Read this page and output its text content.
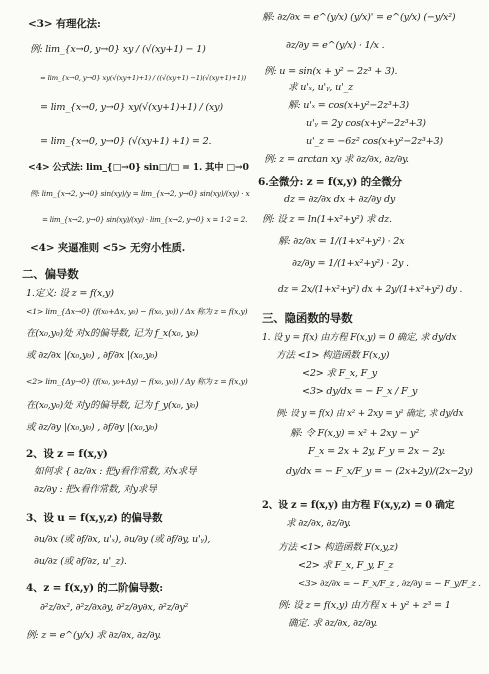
<3> 有理化法:
例: lim_{x→0, y→0} xy / (√(xy+1) − 1)
= lim_{x→0, y→0} xy(√(xy+1)+1) / ((√(xy+1) −1)(√(xy+1)+1))
= lim_{x→0, y→0} xy(√(xy+1)+1) / (xy)
= lim_{x→0, y→0} (√(xy+1) +1) = 2.
<4> 公式法: lim_{□→0} sin□/□ = 1. 其中 □→0
例: lim_{x→2, y→0} sin(xy)/y = lim_{x→2, y→0} sin(xy)/(xy) · x
= lim_{x→2, y→0} sin(xy)/(xy) · lim_{x→2, y→0} x = 1·2 = 2.
<4> 夹逼准则 <5> 无穷小性质.
二、偏导数
1.定义: 设 z = f(x,y)
<1> lim_{Δx→0} (f(x₀+Δx, y₀) − f(x₀, y₀)) / Δx 称为 z = f(x,y)
在(x₀,y₀)处 对x的偏导数, 记为 f_x(x₀, y₀)
或 ∂z/∂x |(x₀,y₀) , ∂f/∂x |(x₀,y₀)
<2> lim_{Δy→0} (f(x₀, y₀+Δy) − f(x₀, y₀)) / Δy 称为 z = f(x,y)
在(x₀,y₀)处 对y的偏导数, 记为 f_y(x₀, y₀)
或 ∂z/∂y |(x₀,y₀) , ∂f/∂y |(x₀,y₀)
2、设 z = f(x,y)
如何求 { ∂z/∂x : 把y看作常数, 对x求导
∂z/∂y : 把x看作常数, 对y求导
3、设 u = f(x,y,z) 的偏导数
∂u/∂x (或 ∂f/∂x, u'ₓ), ∂u/∂y (或 ∂f/∂y, u'ᵧ),
∂u/∂z (或 ∂f/∂z, u'_z).
4、z = f(x,y) 的二阶偏导数:
∂²z/∂x², ∂²z/∂x∂y, ∂²z/∂y∂x, ∂²z/∂y²
例: z = e^(y/x) 求 ∂z/∂x, ∂z/∂y.
解: ∂z/∂x = e^(y/x) (y/x)' = e^(y/x) (−y/x²)
∂z/∂y = e^(y/x) · 1/x .
例: u = sin(x + y² − 2z³ + 3).
求 u'ₓ, u'ᵧ, u'_z
解: u'ₓ = cos(x+y²−2z³+3)
u'ᵧ = 2y cos(x+y²−2z³+3)
u'_z = −6z² cos(x+y²−2z³+3)
例: z = arctan xy 求 ∂z/∂x, ∂z/∂y.
6.全微分: z = f(x,y) 的全微分
dz = ∂z/∂x dx + ∂z/∂y dy
例: 设 z = ln(1+x²+y²) 求 dz.
解: ∂z/∂x = 1/(1+x²+y²) · 2x
∂z/∂y = 1/(1+x²+y²) · 2y .
dz = 2x/(1+x²+y²) dx + 2y/(1+x²+y²) dy .
三、隐函数的导数
1. 设 y = f(x) 由方程 F(x,y) = 0 确定, 求 dy/dx
方法 <1> 构造函数 F(x,y)
<2> 求 F_x, F_y
<3> dy/dx = − F_x / F_y
例: 设 y = f(x) 由 x² + 2xy = y² 确定, 求 dy/dx
解: 令 F(x,y) = x² + 2xy − y²
F_x = 2x + 2y, F_y = 2x − 2y.
dy/dx = − F_x/F_y = − (2x+2y)/(2x−2y)
2、设 z = f(x,y) 由方程 F(x,y,z) = 0 确定
求 ∂z/∂x, ∂z/∂y.
方法 <1> 构造函数 F(x,y,z)
<2> 求 F_x, F_y, F_z
<3> ∂z/∂x = − F_x/F_z , ∂z/∂y = − F_y/F_z .
例: 设 z = f(x,y) 由方程 x + y² + z³ = 1
确定. 求 ∂z/∂x, ∂z/∂y.
